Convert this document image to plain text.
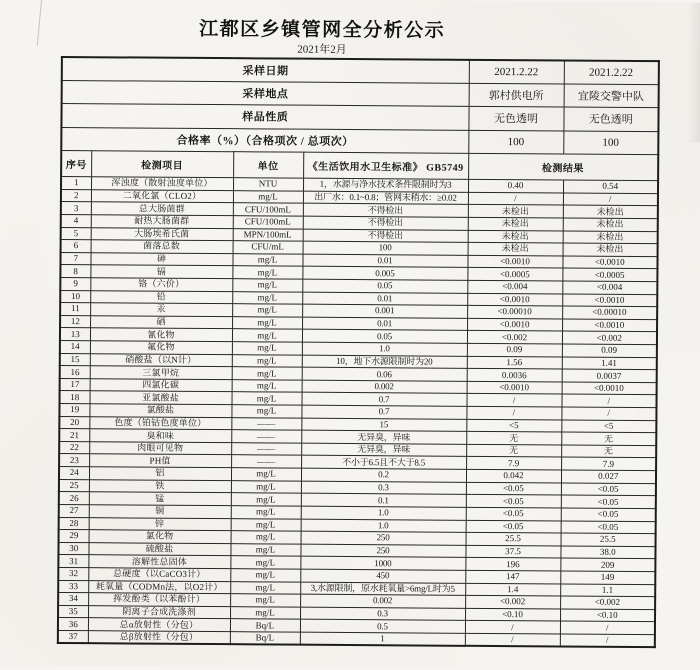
江都区乡镇管网全分析公示
2021年2月
采样日期				2021.2.22	2021.2.22
采样地点				郭村供电所	宜陵交警中队
样品性质				无色透明	无色透明
合格率（%）（合格项次 / 总项次）				100	100
序号	检测项目	单位	《生活饮用水卫生标准》 GB5749	检测结果	
1	浑浊度（散射浊度单位）	NTU	1，水源与净水技术条件限制时为3	0.40	0.54
2	二氧化氯（CLO2）	mg/L	出厂水：0.1~0.8；管网末稍水：≥0.02	/	/
3	总大肠菌群	CFU/100mL	不得检出	未检出	未检出
4	耐热大肠菌群	CFU/100mL	不得检出	未检出	未检出
5	大肠埃希氏菌	MPN/100mL	不得检出	未检出	未检出
6	菌落总数	CFU/mL	100	未检出	未检出
7	砷	mg/L	0.01	<0.0010	<0.0010
8	镉	mg/L	0.005	<0.0005	<0.0005
9	铬（六价）	mg/L	0.05	<0.004	<0.004
10	铅	mg/L	0.01	<0.0010	<0.0010
11	汞	mg/L	0.001	<0.00010	<0.00010
12	硒	mg/L	0.01	<0.0010	<0.0010
13	氰化物	mg/L	0.05	<0.002	<0.002
14	氟化物	mg/L	1.0	0.09	0.09
15	硝酸盐（以N计）	mg/L	10，地下水源限制时为20	1.56	1.41
16	三氯甲烷	mg/L	0.06	0.0036	0.0037
17	四氯化碳	mg/L	0.002	<0.0010	<0.0010
18	亚氯酸盐	mg/L	0.7	/	/
19	氯酸盐	mg/L	0.7	/	/
20	色度（铂钴色度单位）	——	15	<5	<5
21	臭和味	——	无异臭，异味	无	无
22	肉眼可见物	——	无异臭，异味	无	无
23	PH值	——	不小于6.5且不大于8.5	7.9	7.9
24	铝	mg/L	0.2	0.042	0.027
25	铁	mg/L	0.3	<0.05	<0.05
26	锰	mg/L	0.1	<0.05	<0.05
27	铜	mg/L	1.0	<0.05	<0.05
28	锌	mg/L	1.0	<0.05	<0.05
29	氯化物	mg/L	250	25.5	25.5
30	硫酸盐	mg/L	250	37.5	38.0
31	溶解性总固体	mg/L	1000	196	209
32	总硬度（以CaCO3计）	mg/L	450	147	149
33	耗氧量（CODMn法，以O2计）	mg/L	3,水源限制，原水耗氧量>6mg/L时为5	1.4	1.1
34	挥发酚类（以苯酚计）	mg/L	0.002	<0.002	<0.002
35	阴离子合成洗涤剂	mg/L	0.3	<0.10	<0.10
36	总α放射性（分包）	Bq/L	0.5	/	/
37	总β放射性（分包）	Bq/L	1	/	/
